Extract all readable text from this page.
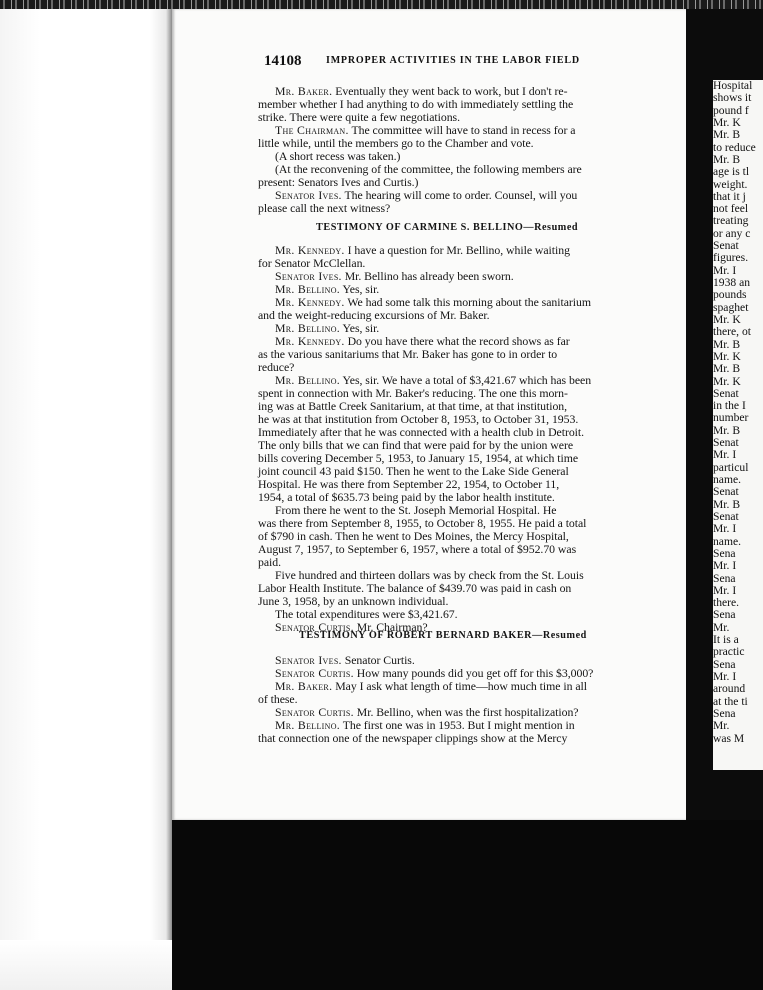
Hospital
shows it
pound f
Mr. K
Mr. B
to reduce
Mr. B
age is tl
weight.
that it j
not feel
treating
or any c
Senat
figures.
Mr. I
1938 an
pounds
spaghet
Mr. K
there, ot
Mr. B
Mr. K
Mr. B
Mr. K
Senat
in the I
number
Mr. B
Senat
Mr. I
particul
name.
Senat
Mr. B
Senat
Mr. I
name.
Sena
Mr. I
Sena
Mr. I
there.
Sena
Mr.
It is a
practic
Sena
Mr. I
around
at the ti
Sena
Mr.
was M
14108 IMPROPER ACTIVITIES IN THE LABOR FIELD
Mr. Baker. Eventually they went back to work, but I don't re-
member whether I had anything to do with immediately settling the
strike. There were quite a few negotiations.
The Chairman. The committee will have to stand in recess for a
little while, until the members go to the Chamber and vote.
(A short recess was taken.)
(At the reconvening of the committee, the following members are
present: Senators Ives and Curtis.)
Senator Ives. The hearing will come to order. Counsel, will you
please call the next witness?
Mr. Kennedy. I have a question for Mr. Bellino, while waiting
for Senator McClellan.
Senator Ives. Mr. Bellino has already been sworn.
Mr. Bellino. Yes, sir.
Mr. Kennedy. We had some talk this morning about the sanitarium
and the weight-reducing excursions of Mr. Baker.
Mr. Bellino. Yes, sir.
Mr. Kennedy. Do you have there what the record shows as far
as the various sanitariums that Mr. Baker has gone to in order to
reduce?
Mr. Bellino. Yes, sir. We have a total of $3,421.67 which has been
spent in connection with Mr. Baker's reducing. The one this morn-
ing was at Battle Creek Sanitarium, at that time, at that institution,
he was at that institution from October 8, 1953, to October 31, 1953.
Immediately after that he was connected with a health club in Detroit.
The only bills that we can find that were paid for by the union were
bills covering December 5, 1953, to January 15, 1954, at which time
joint council 43 paid $150. Then he went to the Lake Side General
Hospital. He was there from September 22, 1954, to October 11,
1954, a total of $635.73 being paid by the labor health institute.
From there he went to the St. Joseph Memorial Hospital. He
was there from September 8, 1955, to October 8, 1955. He paid a total
of $790 in cash. Then he went to Des Moines, the Mercy Hospital,
August 7, 1957, to September 6, 1957, where a total of $952.70 was
paid.
Five hundred and thirteen dollars was by check from the St. Louis
Labor Health Institute. The balance of $439.70 was paid in cash on
June 3, 1958, by an unknown individual.
The total expenditures were $3,421.67.
Senator Curtis. Mr. Chairman?
Senator Ives. Senator Curtis.
Senator Curtis. How many pounds did you get off for this $3,000?
Mr. Baker. May I ask what length of time—how much time in all
of these.
Senator Curtis. Mr. Bellino, when was the first hospitalization?
Mr. Bellino. The first one was in 1953. But I might mention in
that connection one of the newspaper clippings show at the Mercy
TESTIMONY OF CARMINE S. BELLINO—Resumed
TESTIMONY OF ROBERT BERNARD BAKER—Resumed
